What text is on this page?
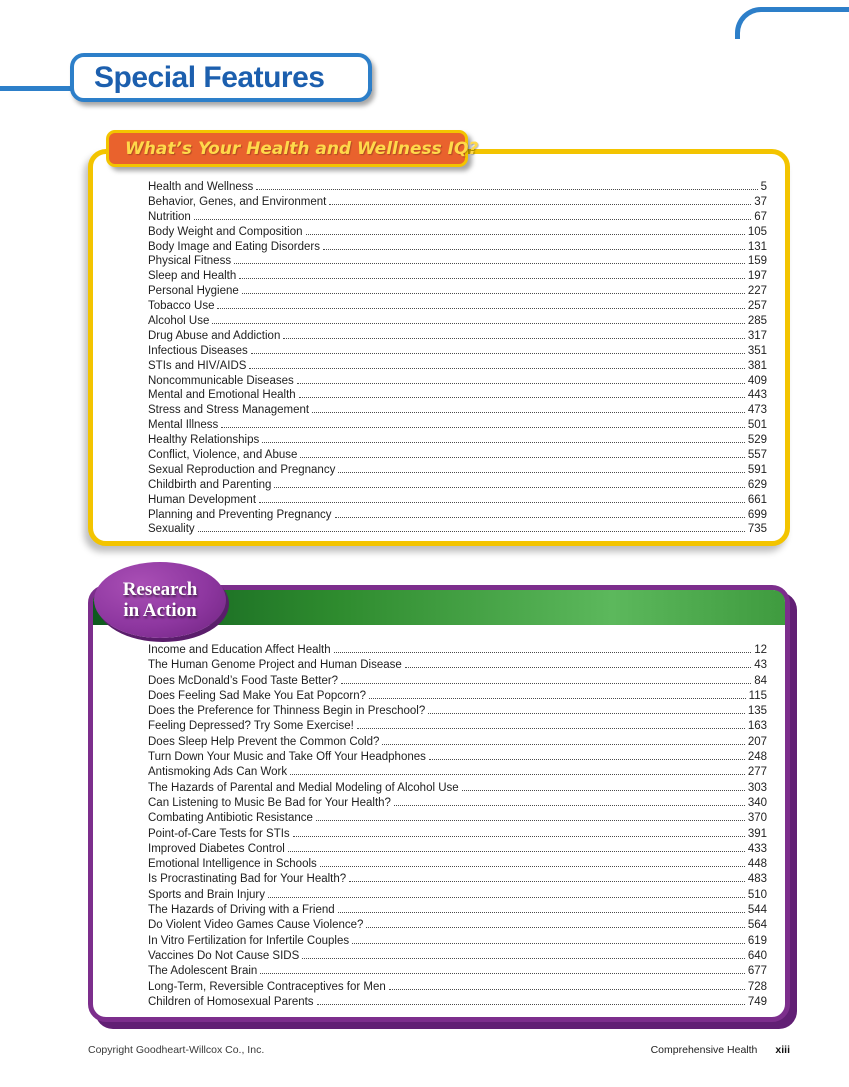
Special Features
What’s Your Health and Wellness IQ?
Health and Wellness	5
Behavior, Genes, and Environment	37
Nutrition	67
Body Weight and Composition	105
Body Image and Eating Disorders	131
Physical Fitness	159
Sleep and Health	197
Personal Hygiene	227
Tobacco Use	257
Alcohol Use	285
Drug Abuse and Addiction	317
Infectious Diseases	351
STIs and HIV/AIDS	381
Noncommunicable Diseases	409
Mental and Emotional Health	443
Stress and Stress Management	473
Mental Illness	501
Healthy Relationships	529
Conflict, Violence, and Abuse	557
Sexual Reproduction and Pregnancy	591
Childbirth and Parenting	629
Human Development	661
Planning and Preventing Pregnancy	699
Sexuality	735
Income and Education Affect Health	12
The Human Genome Project and Human Disease	43
Does McDonald’s Food Taste Better?	84
Does Feeling Sad Make You Eat Popcorn?	115
Does the Preference for Thinness Begin in Preschool?	135
Feeling Depressed? Try Some Exercise!	163
Does Sleep Help Prevent the Common Cold?	207
Turn Down Your Music and Take Off Your Headphones	248
Antismoking Ads Can Work	277
The Hazards of Parental and Medial Modeling of Alcohol Use	303
Can Listening to Music Be Bad for Your Health?	340
Combating Antibiotic Resistance	370
Point-of-Care Tests for STIs	391
Improved Diabetes Control	433
Emotional Intelligence in Schools	448
Is Procrastinating Bad for Your Health?	483
Sports and Brain Injury	510
The Hazards of Driving with a Friend	544
Do Violent Video Games Cause Violence?	564
In Vitro Fertilization for Infertile Couples	619
Vaccines Do Not Cause SIDS	640
The Adolescent Brain	677
Long-Term, Reversible Contraceptives for Men	728
Children of Homosexual Parents	749
Research
in Action
Copyright Goodheart-Willcox Co., Inc.	Comprehensive Health xiii
